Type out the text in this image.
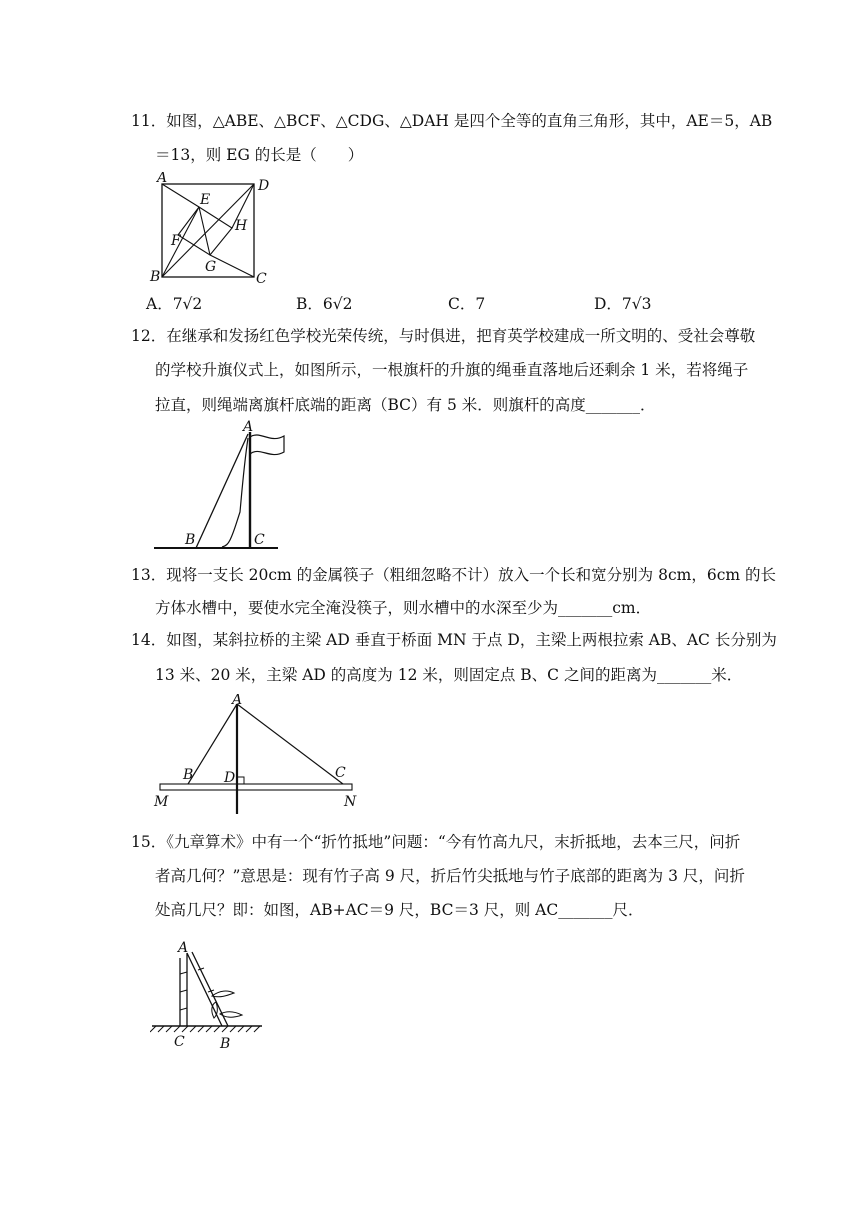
11．如图，△ABE、△BCF、△CDG、△DAH 是四个全等的直角三角形，其中，AE＝5，AB
＝13，则 EG 的长是（　　）
A	D
E
H
F
G
B	C
A．7√2	B．6√2	C．7	D．7√3
12．在继承和发扬红色学校光荣传统，与时俱进，把育英学校建成一所文明的、受社会尊敬
的学校升旗仪式上，如图所示，一根旗杆的升旗的绳垂直落地后还剩余 1 米，若将绳子
拉直，则绳端离旗杆底端的距离（BC）有 5 米．则旗杆的高度_______．
A
B	C
13．现将一支长 20cm 的金属筷子（粗细忽略不计）放入一个长和宽分别为 8cm，6cm 的长
方体水槽中，要使水完全淹没筷子，则水槽中的水深至少为_______cm．
14．如图，某斜拉桥的主梁 AD 垂直于桥面 MN 于点 D，主梁上两根拉索 AB、AC 长分别为
13 米、20 米，主梁 AD 的高度为 12 米，则固定点 B、C 之间的距离为_______米．
A
B D	C
M	N
15．《九章算术》中有一个“折竹抵地”问题：“今有竹高九尺，末折抵地，去本三尺，问折
者高几何？”意思是：现有竹子高 9 尺，折后竹尖抵地与竹子底部的距离为 3 尺，问折
处高几尺？即：如图，AB+AC＝9 尺，BC＝3 尺，则 AC_______尺．
A
C	B
